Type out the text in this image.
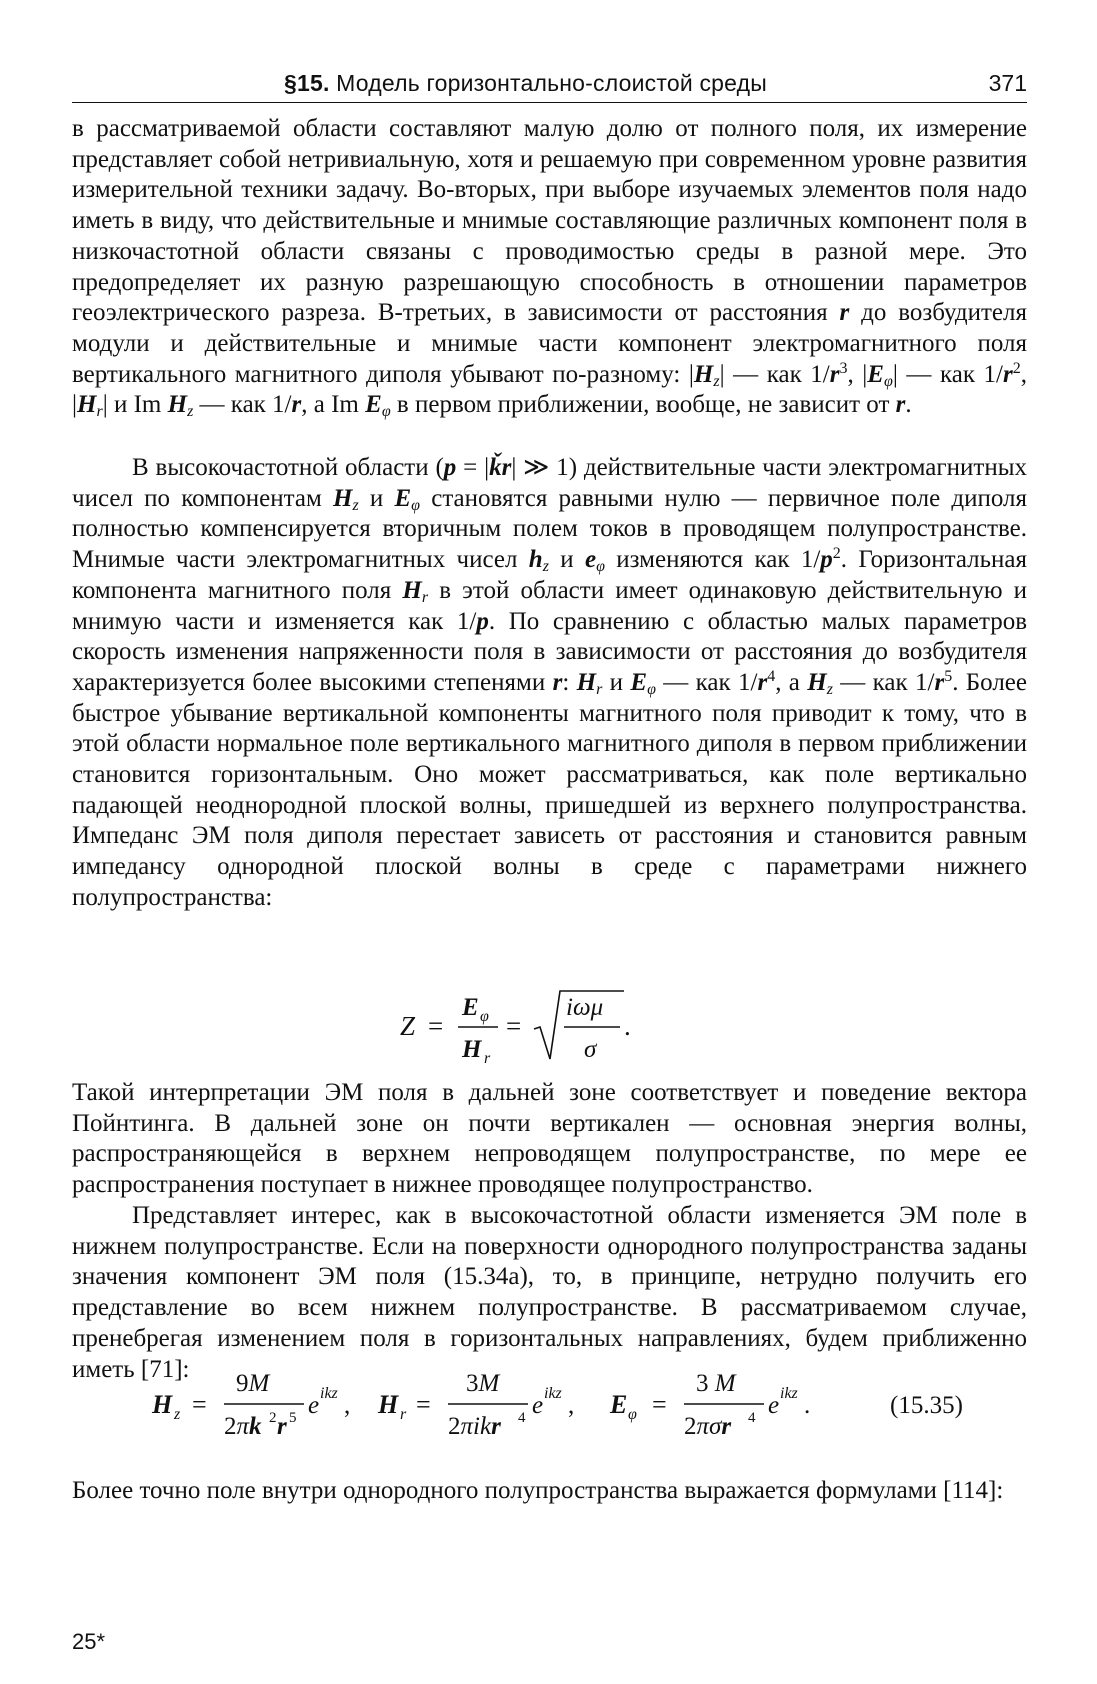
§15. Модель горизонтально-слоистой среды	371

в рассматриваемой области составляют малую долю от полного поля, их измерение представляет собой нетривиальную, хотя и решаемую при современном уровне развития измерительной техники задачу. Во-вторых, при выборе изучаемых элементов поля надо иметь в виду, что действительные и мнимые составляющие различных компонент поля в низкочастотной области связаны с проводимостью среды в разной мере. Это предопределяет их разную разрешающую способность в отношении параметров геоэлектрического разреза. В-третьих, в зависимости от расстояния r до возбудителя модули и действительные и мнимые части компонент электромагнитного поля вертикального магнитного диполя убывают по-разному: $|H_z|$ — как $1/r^3$, $|E_\varphi|$ — как $1/r^2$, $|H_r|$ и Im $H_z$ — как 1/r, а Im $E_\varphi$ в первом приближении, вообще, не зависит от r.

В высокочастотной области (p = |ǩr| ≫ 1) действительные части электромагнитных чисел по компонентам $H_z$ и $E_\varphi$ становятся равными нулю — первичное поле диполя полностью компенсируется вторичным полем токов в проводящем полупространстве. Мнимые части электромагнитных чисел $h_z$ и $e_\varphi$ изменяются как $1/p^2$. Горизонтальная компонента магнитного поля $H_r$ в этой области имеет одинаковую действительную и мнимую части и изменяется как 1/p. По сравнению с областью малых параметров скорость изменения напряженности поля в зависимости от расстояния до возбудителя характеризуется более высокими степенями r: $H_r$ и $E_\varphi$ — как $1/r^4$, а $H_z$ — как $1/r^5$. Более быстрое убывание вертикальной компоненты магнитного поля приводит к тому, что в этой области нормальное поле вертикального магнитного диполя в первом приближении становится горизонтальным. Оно может рассматриваться, как поле вертикально падающей неоднородной плоской волны, пришедшей из верхнего полупространства. Импеданс ЭМ поля диполя перестает зависеть от расстояния и становится равным импедансу однородной плоской волны в среде с параметрами нижнего полупространства:

Z =
E φ
H r
=
iωμ
σ
.

Такой интерпретации ЭМ поля в дальней зоне соответствует и поведение вектора Пойнтинга. В дальней зоне он почти вертикален — основная энергия волны, распространяющейся в верхнем непроводящем полупространстве, по мере ее распространения поступает в нижнее проводящее полупространство.

Представляет интерес, как в высокочастотной области изменяется ЭМ поле в нижнем полупространстве. Если на поверхности однородного полупространства заданы значения компонент ЭМ поля (15.34а), то, в принципе, нетрудно получить его представление во всем нижнем полупространстве. В рассматриваемом случае, пренебрегая изменением поля в горизонтальных направлениях, будем приближенно иметь [71]:

H z =
9M
2πk 2 r 5 e ikz , H r =
3M
2πikr 4 e ikz , E φ =
3 M
2πσr 4 e ikz .	(15.35)

Более точно поле внутри однородного полупространства выражается формулами [114]:

25*
